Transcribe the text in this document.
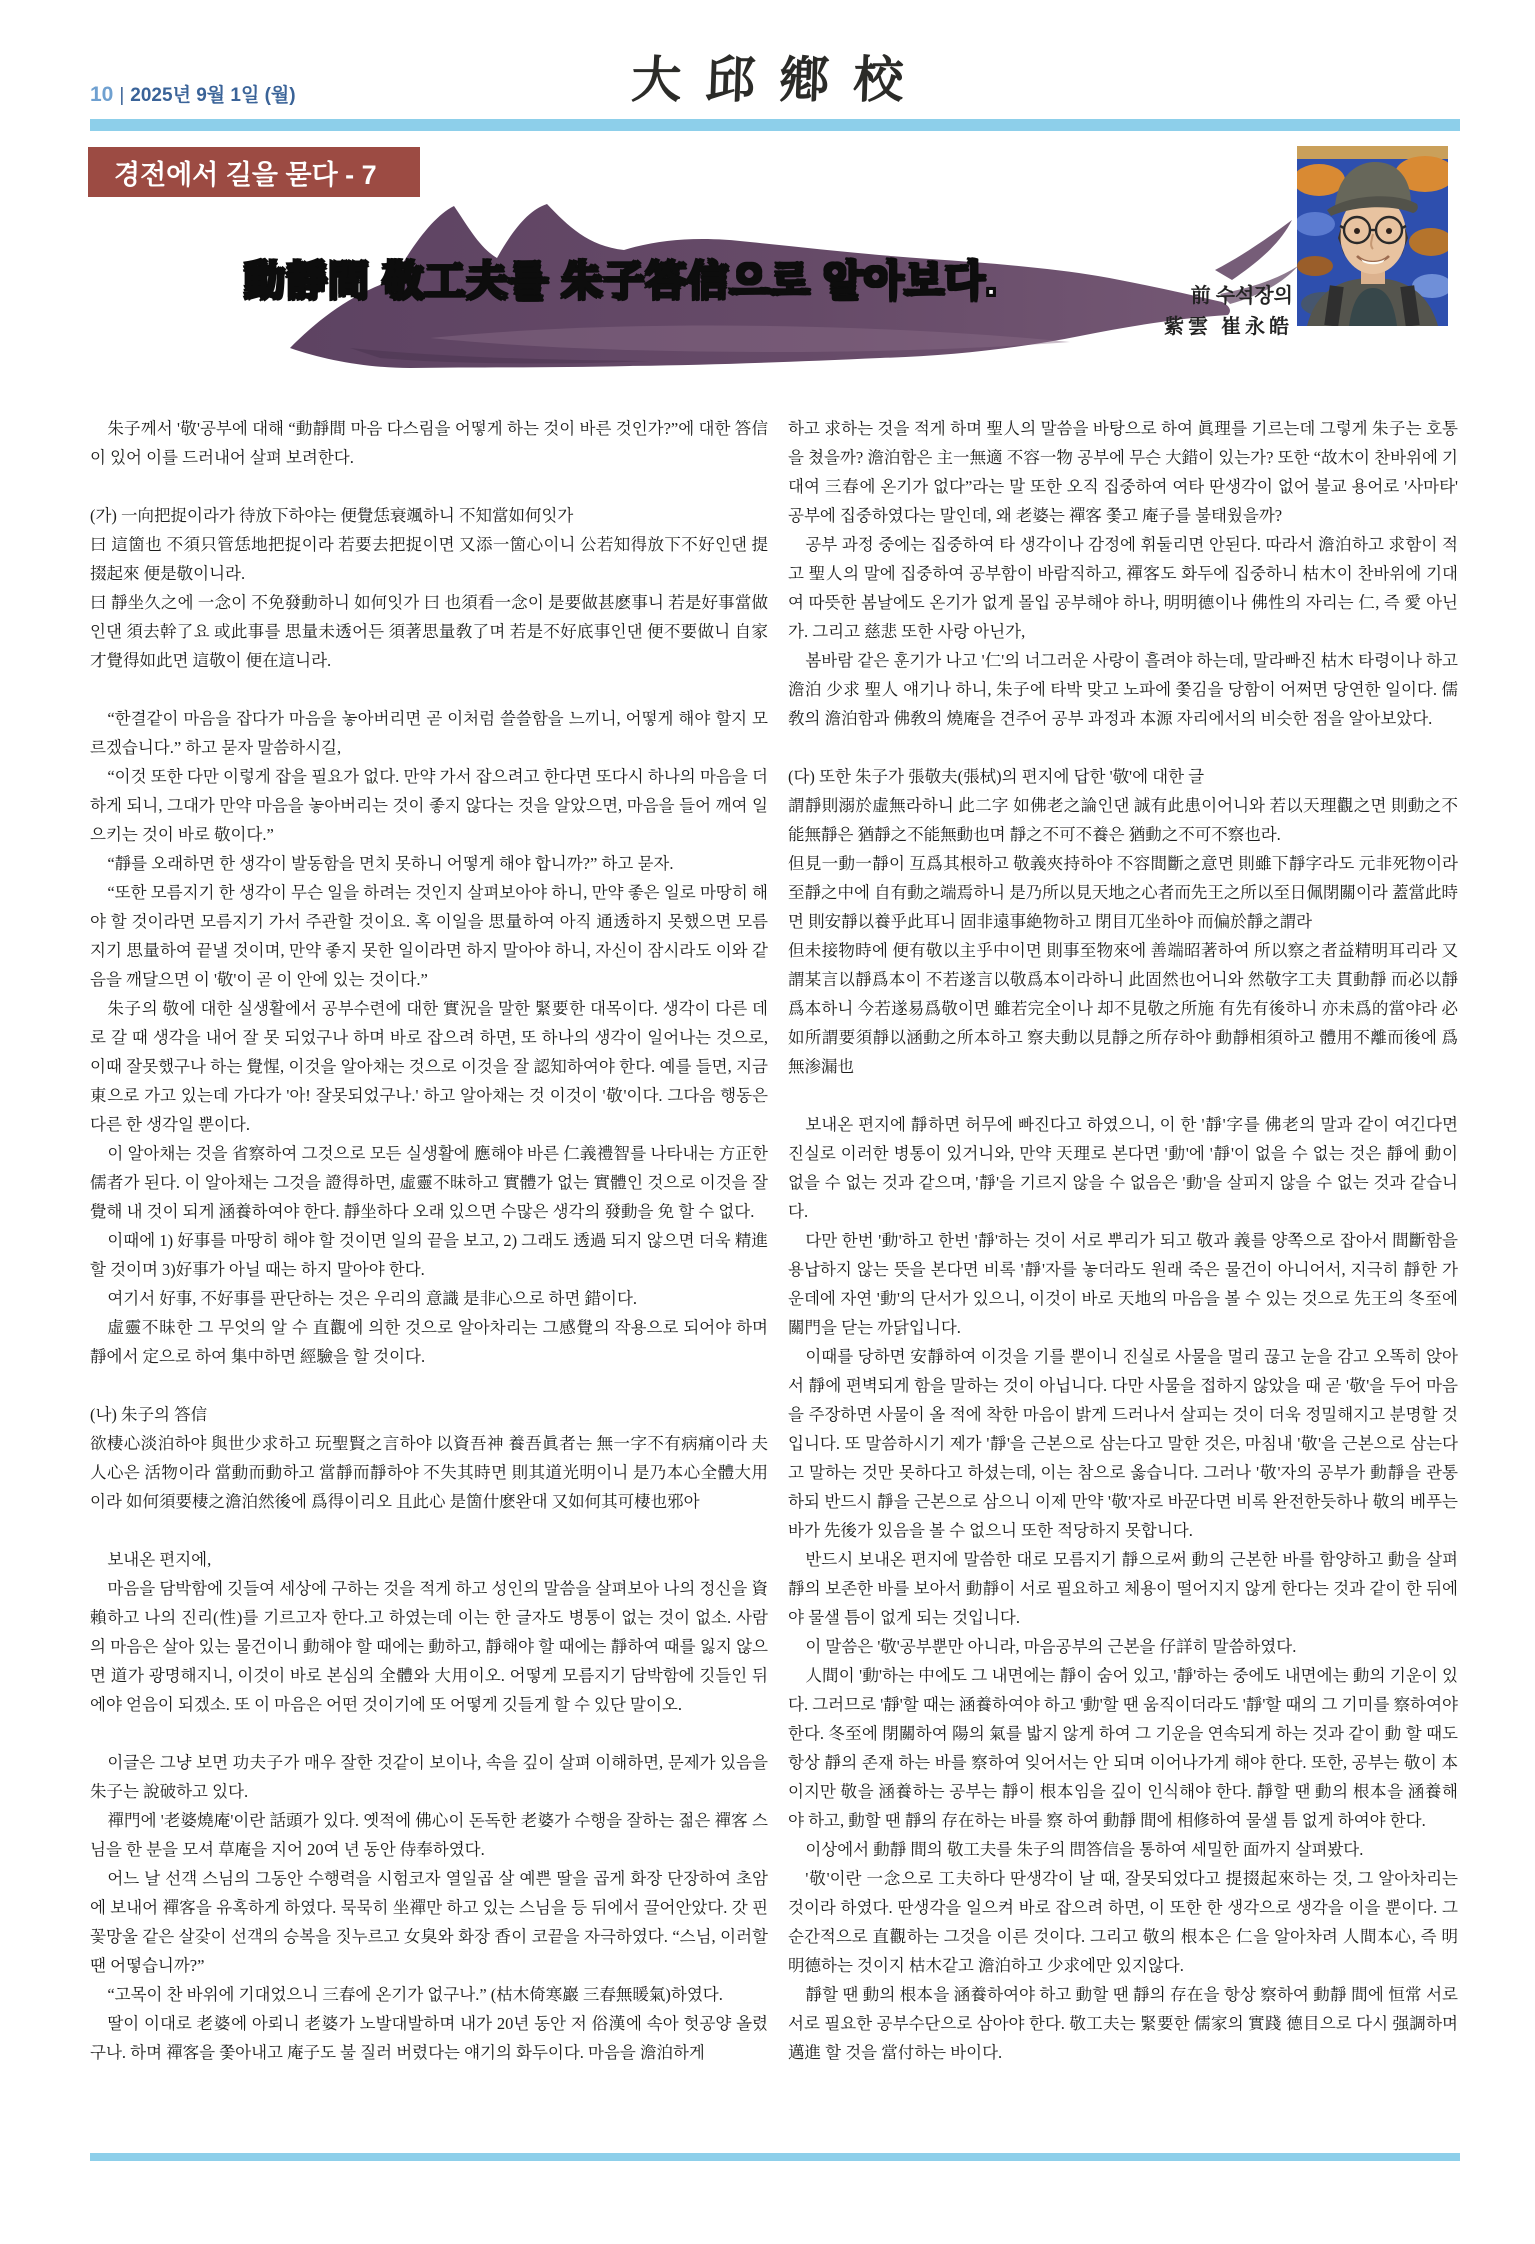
10 | 2025년 9월 1일 (월)	大邱鄕校
경전에서 길을 묻다 - 7
動靜間 敬工夫를 朱子答信으로 알아보다.	前 수석장의
紫雲 崔永皓

朱子께서 '敬'공부에 대해 “動靜間 마음 다스림을 어떻게 하는 것이 바른 것인가?”에 대한 答信이 있어 이를 드러내어 살펴 보려한다.

(가) 一向把捉이라가 待放下하야는 便覺恁衰颯하니 不知當如何잇가

曰 這箇也 不須只管恁地把捉이라 若要去把捉이면 又添一箇心이니 公若知得放下不好인댄 提掇起來 便是敬이니라.

曰 靜坐久之에 一念이 不免發動하니 如何잇가 曰 也須看一念이 是要做甚麽事니 若是好事當做인댄 須去幹了요 或此事를 思量未透어든 須著思量敎了며 若是不好底事인댄 便不要做니 自家才覺得如此면 這敬이 便在這니라.

“한결같이 마음을 잡다가 마음을 놓아버리면 곧 이처럼 쓸쓸함을 느끼니, 어떻게 해야 할지 모르겠습니다.” 하고 묻자 말씀하시길,

“이것 또한 다만 이렇게 잡을 필요가 없다. 만약 가서 잡으려고 한다면 또다시 하나의 마음을 더하게 되니, 그대가 만약 마음을 놓아버리는 것이 좋지 않다는 것을 알았으면, 마음을 들어 깨여 일으키는 것이 바로 敬이다.”

“靜를 오래하면 한 생각이 발동함을 면치 못하니 어떻게 해야 합니까?” 하고 묻자.

“또한 모름지기 한 생각이 무슨 일을 하려는 것인지 살펴보아야 하니, 만약 좋은 일로 마땅히 해야 할 것이라면 모름지기 가서 주관할 것이요. 혹 이일을 思量하여 아직 通透하지 못했으면 모름지기 思量하여 끝낼 것이며, 만약 좋지 못한 일이라면 하지 말아야 하니, 자신이 잠시라도 이와 같음을 깨달으면 이 '敬'이 곧 이 안에 있는 것이다.”

朱子의 敬에 대한 실생활에서 공부수련에 대한 實況을 말한 緊要한 대목이다. 생각이 다른 데로 갈 때 생각을 내어 잘 못 되었구나 하며 바로 잡으려 하면, 또 하나의 생각이 일어나는 것으로, 이때 잘못했구나 하는 覺惺, 이것을 알아채는 것으로 이것을 잘 認知하여야 한다. 예를 들면, 지금 東으로 가고 있는데 가다가 '아! 잘못되었구나.' 하고 알아채는 것 이것이 '敬'이다. 그다음 행동은 다른 한 생각일 뿐이다.

이 알아채는 것을 省察하여 그것으로 모든 실생활에 應해야 바른 仁義禮智를 나타내는 方正한 儒者가 된다. 이 알아채는 그것을 證得하면, 虛靈不昧하고 實體가 없는 實體인 것으로 이것을 잘 覺해 내 것이 되게 涵養하여야 한다. 靜坐하다 오래 있으면 수많은 생각의 發動을 免 할 수 없다.

이때에 1) 好事를 마땅히 해야 할 것이면 일의 끝을 보고, 2) 그래도 透過 되지 않으면 더욱 精進할 것이며 3)好事가 아닐 때는 하지 말아야 한다.

여기서 好事, 不好事를 판단하는 것은 우리의 意識 是非心으로 하면 錯이다.

虛靈不昧한 그 무엇의 알 수 直觀에 의한 것으로 알아차리는 그感覺의 작용으로 되어야 하며 靜에서 定으로 하여 集中하면 經驗을 할 것이다.

(나) 朱子의 答信

欲棲心淡泊하야 與世少求하고 玩聖賢之言하야 以資吾神 養吾眞者는 無一字不有病痛이라 夫人心은 活物이라 當動而動하고 當靜而靜하야 不失其時면 則其道光明이니 是乃本心全體大用이라 如何須要棲之澹泊然後에 爲得이리오 且此心 是箇什麽완대 又如何其可棲也邪아

보내온 편지에,

마음을 담박함에 깃들여 세상에 구하는 것을 적게 하고 성인의 말씀을 살펴보아 나의 정신을 資賴하고 나의 진리(性)를 기르고자 한다.고 하였는데 이는 한 글자도 병통이 없는 것이 없소. 사람의 마음은 살아 있는 물건이니 動해야 할 때에는 動하고, 靜해야 할 때에는 靜하여 때를 잃지 않으면 道가 광명해지니, 이것이 바로 본심의 全體와 大用이오. 어떻게 모름지기 담박함에 깃들인 뒤에야 얻음이 되겠소. 또 이 마음은 어떤 것이기에 또 어떻게 깃들게 할 수 있단 말이오.

이글은 그냥 보면 功夫子가 매우 잘한 것같이 보이나, 속을 깊이 살펴 이해하면, 문제가 있음을 朱子는 說破하고 있다.

禪門에 '老婆燒庵'이란 話頭가 있다. 옛적에 佛心이 돈독한 老婆가 수행을 잘하는 젊은 禪客 스님을 한 분을 모셔 草庵을 지어 20여 년 동안 侍奉하였다.

어느 날 선객 스님의 그동안 수행력을 시험코자 열일곱 살 예쁜 딸을 곱게 화장 단장하여 초암에 보내어 禪客을 유혹하게 하였다. 묵묵히 坐禪만 하고 있는 스님을 등 뒤에서 끌어안았다. 갓 핀 꽃망울 같은 살갗이 선객의 승복을 짓누르고 女臭와 화장 香이 코끝을 자극하였다. “스님, 이러할 땐 어떻습니까?”

“고목이 찬 바위에 기대었으니 三春에 온기가 없구나.” (枯木倚寒巖 三春無暖氣)하였다.

딸이 이대로 老婆에 아뢰니 老婆가 노발대발하며 내가 20년 동안 저 俗漢에 속아 헛공양 올렸구나. 하며 禪客을 쫓아내고 庵子도 불 질러 버렸다는 얘기의 화두이다. 마음을 澹泊하게

하고 求하는 것을 적게 하며 聖人의 말씀을 바탕으로 하여 眞理를 기르는데 그렇게 朱子는 호통을 쳤을까? 澹泊함은 主一無適 不容一物 공부에 무슨 大錯이 있는가? 또한 “故木이 찬바위에 기대여 三春에 온기가 없다”라는 말 또한 오직 집중하여 여타 딴생각이 없어 불교 용어로 '사마타' 공부에 집중하였다는 말인데, 왜 老婆는 禪客 쫓고 庵子를 불태웠을까?

공부 과정 중에는 집중하여 타 생각이나 감정에 휘둘리면 안된다. 따라서 澹泊하고 求함이 적고 聖人의 말에 집중하여 공부함이 바람직하고, 禪客도 화두에 집중하니 枯木이 찬바위에 기대여 따뜻한 봄날에도 온기가 없게 몰입 공부해야 하나, 明明德이나 佛性의 자리는 仁, 즉 愛 아닌가. 그리고 慈悲 또한 사랑 아닌가,

봄바람 같은 훈기가 나고 '仁'의 너그러운 사랑이 흘려야 하는데, 말라빠진 枯木 타령이나 하고 澹泊 少求 聖人 얘기나 하니, 朱子에 타박 맞고 노파에 쫓김을 당함이 어쩌면 당연한 일이다. 儒敎의 澹泊함과 佛敎의 燒庵을 견주어 공부 과정과 本源 자리에서의 비슷한 점을 알아보았다.

(다) 또한 朱子가 張敬夫(張栻)의 편지에 답한 '敬'에 대한 글

謂靜則溺於虛無라하니 此二字 如佛老之論인댄 誠有此患이어니와 若以天理觀之면 則動之不能無靜은 猶靜之不能無動也며 靜之不可不養은 猶動之不可不察也라.

但見一動一靜이 互爲其根하고 敬義夾持하야 不容間斷之意면 則雖下靜字라도 元非死物이라 至靜之中에 自有動之端焉하니 是乃所以見天地之心者而先王之所以至日佩閉關이라 蓋當此時면 則安靜以養乎此耳니 固非遠事絶物하고 閉目兀坐하야 而偏於靜之謂라

但未接物時에 便有敬以主乎中이면 則事至物來에 善端昭著하여 所以察之者益精明耳리라 又謂某言以靜爲本이 不若遂言以敬爲本이라하니 此固然也어니와 然敬字工夫 貫動靜 而必以靜爲本하니 今若遂易爲敬이면 雖若完全이나 却不見敬之所施 有先有後하니 亦未爲的當야라 必如所謂要須靜以涵動之所本하고 察夫動以見靜之所存하야 動靜相須하고 體用不離而後에 爲無渗漏也

보내온 편지에 靜하면 허무에 빠진다고 하였으니, 이 한 '靜'字를 佛老의 말과 같이 여긴다면 진실로 이러한 병통이 있거니와, 만약 天理로 본다면 '動'에 '靜'이 없을 수 없는 것은 靜에 動이 없을 수 없는 것과 같으며, '靜'을 기르지 않을 수 없음은 '動'을 살피지 않을 수 없는 것과 같습니다.

다만 한번 '動'하고 한번 '靜'하는 것이 서로 뿌리가 되고 敬과 義를 양쪽으로 잡아서 間斷함을 용납하지 않는 뜻을 본다면 비록 '靜'자를 놓더라도 원래 죽은 물건이 아니어서, 지극히 靜한 가운데에 자연 '動'의 단서가 있으니, 이것이 바로 天地의 마음을 볼 수 있는 것으로 先王의 冬至에 關門을 닫는 까닭입니다.

이때를 당하면 安靜하여 이것을 기를 뿐이니 진실로 사물을 멀리 끊고 눈을 감고 오똑히 앉아서 靜에 편벽되게 함을 말하는 것이 아닙니다. 다만 사물을 접하지 않았을 때 곧 '敬'을 두어 마음을 주장하면 사물이 올 적에 착한 마음이 밝게 드러나서 살피는 것이 더욱 정밀해지고 분명할 것입니다. 또 말씀하시기 제가 '靜'을 근본으로 삼는다고 말한 것은, 마침내 '敬'을 근본으로 삼는다고 말하는 것만 못하다고 하셨는데, 이는 참으로 옳습니다. 그러나 '敬'자의 공부가 動靜을 관통하되 반드시 靜을 근본으로 삼으니 이제 만약 '敬'자로 바꾼다면 비록 완전한듯하나 敬의 베푸는 바가 先後가 있음을 볼 수 없으니 또한 적당하지 못합니다.

반드시 보내온 편지에 말씀한 대로 모름지기 靜으로써 動의 근본한 바를 함양하고 動을 살펴 靜의 보존한 바를 보아서 動靜이 서로 필요하고 체용이 떨어지지 않게 한다는 것과 같이 한 뒤에야 물샐 틈이 없게 되는 것입니다.

이 말씀은 '敬'공부뿐만 아니라, 마음공부의 근본을 仔詳히 말씀하였다.

人間이 '動'하는 中에도 그 내면에는 靜이 숨어 있고, '靜'하는 중에도 내면에는 動의 기운이 있다. 그러므로 '靜'할 때는 涵養하여야 하고 '動'할 땐 움직이더라도 '靜'할 때의 그 기미를 察하여야 한다. 冬至에 閉關하여 陽의 氣를 밟지 않게 하여 그 기운을 연속되게 하는 것과 같이 動 할 때도 항상 靜의 존재 하는 바를 察하여 잊어서는 안 되며 이어나가게 해야 한다. 또한, 공부는 敬이 本이지만 敬을 涵養하는 공부는 靜이 根本임을 깊이 인식해야 한다. 靜할 땐 動의 根本을 涵養해야 하고, 動할 땐 靜의 存在하는 바를 察 하여 動靜 間에 相修하여 물샐 틈 없게 하여야 한다.

이상에서 動靜 間의 敬工夫를 朱子의 問答信을 통하여 세밀한 面까지 살펴봤다.

'敬'이란 一念으로 工夫하다 딴생각이 날 때, 잘못되었다고 提掇起來하는 것, 그 알아차리는 것이라 하였다. 딴생각을 일으켜 바로 잡으려 하면, 이 또한 한 생각으로 생각을 이을 뿐이다. 그 순간적으로 直觀하는 그것을 이른 것이다. 그리고 敬의 根本은 仁을 알아차려 人間本心, 즉 明明德하는 것이지 枯木같고 澹泊하고 少求에만 있지않다.

靜할 땐 動의 根本을 涵養하여야 하고 動할 땐 靜의 存在을 항상 察하여 動靜 間에 恒常 서로서로 필요한 공부수단으로 삼아야 한다. 敬工夫는 緊要한 儒家의 實踐 德目으로 다시 强調하며 邁進 할 것을 當付하는 바이다.
